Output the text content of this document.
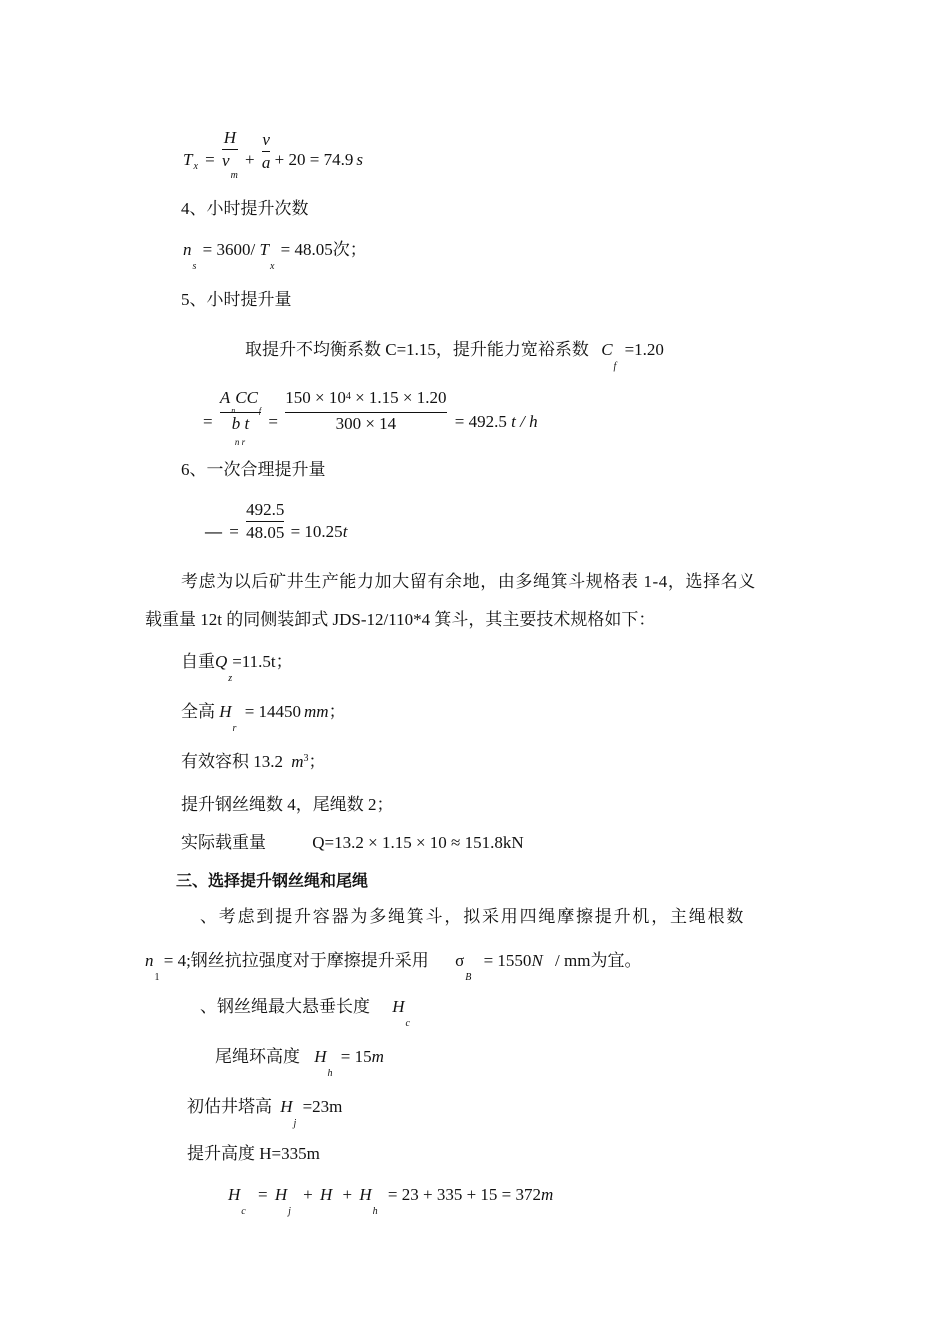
$T_x = \frac{H}{v_m} + \frac{v}{a} + 20 = 74.9$ s
4、小时提升次数
$n_s = 3600/$ $T_x = 48.05$次；
5、小时提升量
取提升不均衡系数 C=1.15，提升能力宽裕系数 $C_f =1.20$
=
$A_nCC_f$
b t
n r
= $\frac{150 \times 10^4 \times 1.15 \times 1.20}{300 \times 14} = 492.5$ t / h
6、一次合理提升量
— = $\frac{492.5}{48.05} = 10.25t$
考虑为以后矿井生产能力加大留有余地，由多绳箕斗规格表 1-4，选择名义
载重量 12t 的同侧装卸式 JDS-12/110*4 箕斗，其主要技术规格如下：
自重$Q_z=11.5t$；
全高 $H_r = 14450$ mm；
有效容积 13.2 $m^3$；
提升钢丝绳数 4，尾绳数 2；
实际载重量	Q=13.2 × 1.15 × 10 ≈ 151.8kN
三、选择提升钢丝绳和尾绳
、考虑到提升容器为多绳箕斗，拟采用四绳摩擦提升机，主绳根数
$n_1 = 4$;钢丝抗拉强度对于摩擦提升采用 $\sigma_B = 1550N$ / mm为宜。
、钢丝绳最大悬垂长度 $H_c$
尾绳环高度 $H_h = 15m$
初估井塔高 $H_j =23m$
提升高度 H=335m
$H_c = H_j + H + H_h = 23 + 335 + 15 = 372m$
